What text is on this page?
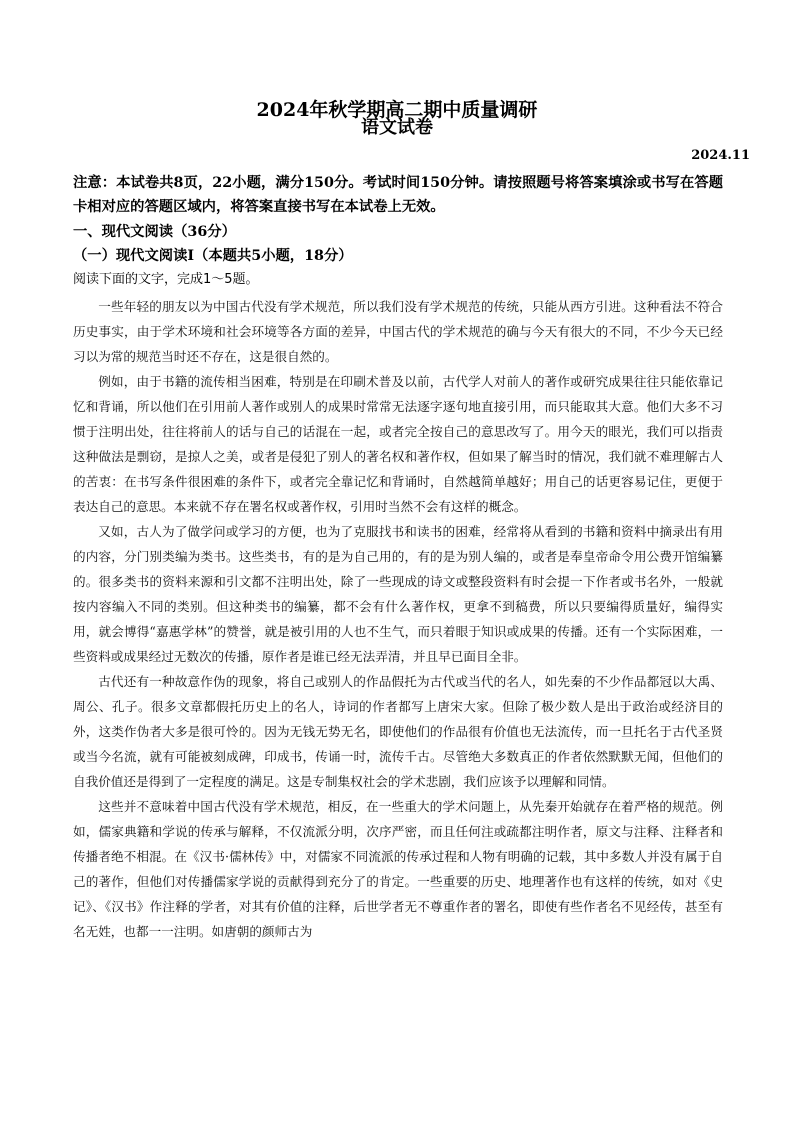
2024年秋学期高二期中质量调研
语文试卷
2024.11
注意：本试卷共8页，22小题，满分150分。考试时间150分钟。请按照题号将答案填涂或书写在答题卡相对应的答题区域内，将答案直接书写在本试卷上无效。
一、现代文阅读（36分）
（一）现代文阅读Ⅰ（本题共5小题，18分）
阅读下面的文字，完成1～5题。

一些年轻的朋友以为中国古代没有学术规范，所以我们没有学术规范的传统，只能从西方引进。这种看法不符合历史事实，由于学术环境和社会环境等各方面的差异，中国古代的学术规范的确与今天有很大的不同，不少今天已经习以为常的规范当时还不存在，这是很自然的。

例如，由于书籍的流传相当困难，特别是在印刷术普及以前，古代学人对前人的著作或研究成果往往只能依靠记忆和背诵，所以他们在引用前人著作或别人的成果时常常无法逐字逐句地直接引用，而只能取其大意。他们大多不习惯于注明出处，往往将前人的话与自己的话混在一起，或者完全按自己的意思改写了。用今天的眼光，我们可以指责这种做法是剽窃，是掠人之美，或者是侵犯了别人的著名权和著作权，但如果了解当时的情况，我们就不难理解古人的苦衷：在书写条件很困难的条件下，或者完全靠记忆和背诵时，自然越简单越好；用自己的话更容易记住，更便于表达自己的意思。本来就不存在署名权或著作权，引用时当然不会有这样的概念。

又如，古人为了做学问或学习的方便，也为了克服找书和读书的困难，经常将从看到的书籍和资料中摘录出有用的内容，分门别类编为类书。这些类书，有的是为自己用的，有的是为别人编的，或者是奉皇帝命令用公费开馆编纂的。很多类书的资料来源和引文都不注明出处，除了一些现成的诗文或整段资料有时会提一下作者或书名外，一般就按内容编入不同的类别。但这种类书的编纂，都不会有什么著作权，更拿不到稿费，所以只要编得质量好，编得实用，就会博得“嘉惠学林”的赞誉，就是被引用的人也不生气，而只着眼于知识或成果的传播。还有一个实际困难，一些资料或成果经过无数次的传播，原作者是谁已经无法弄清，并且早已面目全非。

古代还有一种故意作伪的现象，将自己或别人的作品假托为古代或当代的名人，如先秦的不少作品都冠以大禹、周公、孔子。很多文章都假托历史上的名人，诗词的作者都写上唐宋大家。但除了极少数人是出于政治或经济目的外，这类作伪者大多是很可怜的。因为无钱无势无名，即使他们的作品很有价值也无法流传，而一旦托名于古代圣贤或当今名流，就有可能被刻成碑，印成书，传诵一时，流传千古。尽管绝大多数真正的作者依然默默无闻，但他们的自我价值还是得到了一定程度的满足。这是专制集权社会的学术悲剧，我们应该予以理解和同情。

这些并不意味着中国古代没有学术规范，相反，在一些重大的学术问题上，从先秦开始就存在着严格的规范。例如，儒家典籍和学说的传承与解释，不仅流派分明，次序严密，而且任何注或疏都注明作者，原文与注释、注释者和传播者绝不相混。在《汉书·儒林传》中，对儒家不同流派的传承过程和人物有明确的记载，其中多数人并没有属于自己的著作，但他们对传播儒家学说的贡献得到充分了的肯定。一些重要的历史、地理著作也有这样的传统，如对《史记》、《汉书》作注释的学者，对其有价值的注释，后世学者无不尊重作者的署名，即使有些作者名不见经传，甚至有名无姓，也都一一注明。如唐朝的颜师古为
